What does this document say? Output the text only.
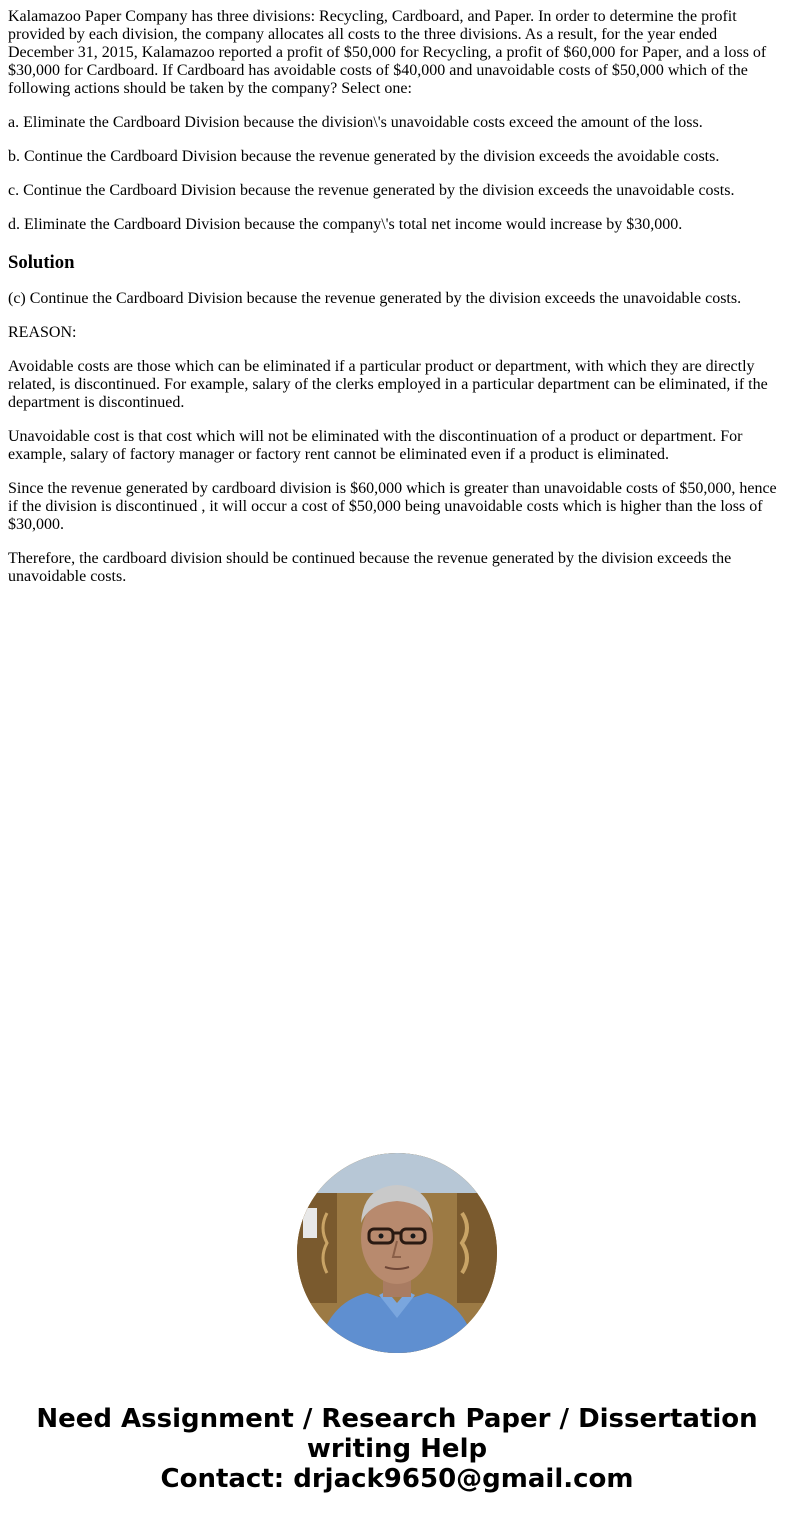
Kalamazoo Paper Company has three divisions: Recycling, Cardboard, and Paper. In order to determine the profit provided by each division, the company allocates all costs to the three divisions. As a result, for the year ended December 31, 2015, Kalamazoo reported a profit of $50,000 for Recycling, a profit of $60,000 for Paper, and a loss of $30,000 for Cardboard. If Cardboard has avoidable costs of $40,000 and unavoidable costs of $50,000 which of the following actions should be taken by the company? Select one:

a. Eliminate the Cardboard Division because the division\'s unavoidable costs exceed the amount of the loss.

b. Continue the Cardboard Division because the revenue generated by the division exceeds the avoidable costs.

c. Continue the Cardboard Division because the revenue generated by the division exceeds the unavoidable costs.

d. Eliminate the Cardboard Division because the company\'s total net income would increase by $30,000.

Solution

(c) Continue the Cardboard Division because the revenue generated by the division exceeds the unavoidable costs.

REASON:

Avoidable costs are those which can be eliminated if a particular product or department, with which they are directly related, is discontinued. For example, salary of the clerks employed in a particular department can be eliminated, if the department is discontinued.

Unavoidable cost is that cost which will not be eliminated with the discontinuation of a product or department. For example, salary of factory manager or factory rent cannot be eliminated even if a product is eliminated.

Since the revenue generated by cardboard division is $60,000 which is greater than unavoidable costs of $50,000, hence if the division is discontinued , it will occur a cost of $50,000 being unavoidable costs which is higher than the loss of $30,000.

Therefore, the cardboard division should be continued because the revenue generated by the division exceeds the unavoidable costs.

Need Assignment / Research Paper / Dissertation
writing Help
Contact: drjack9650@gmail.com
